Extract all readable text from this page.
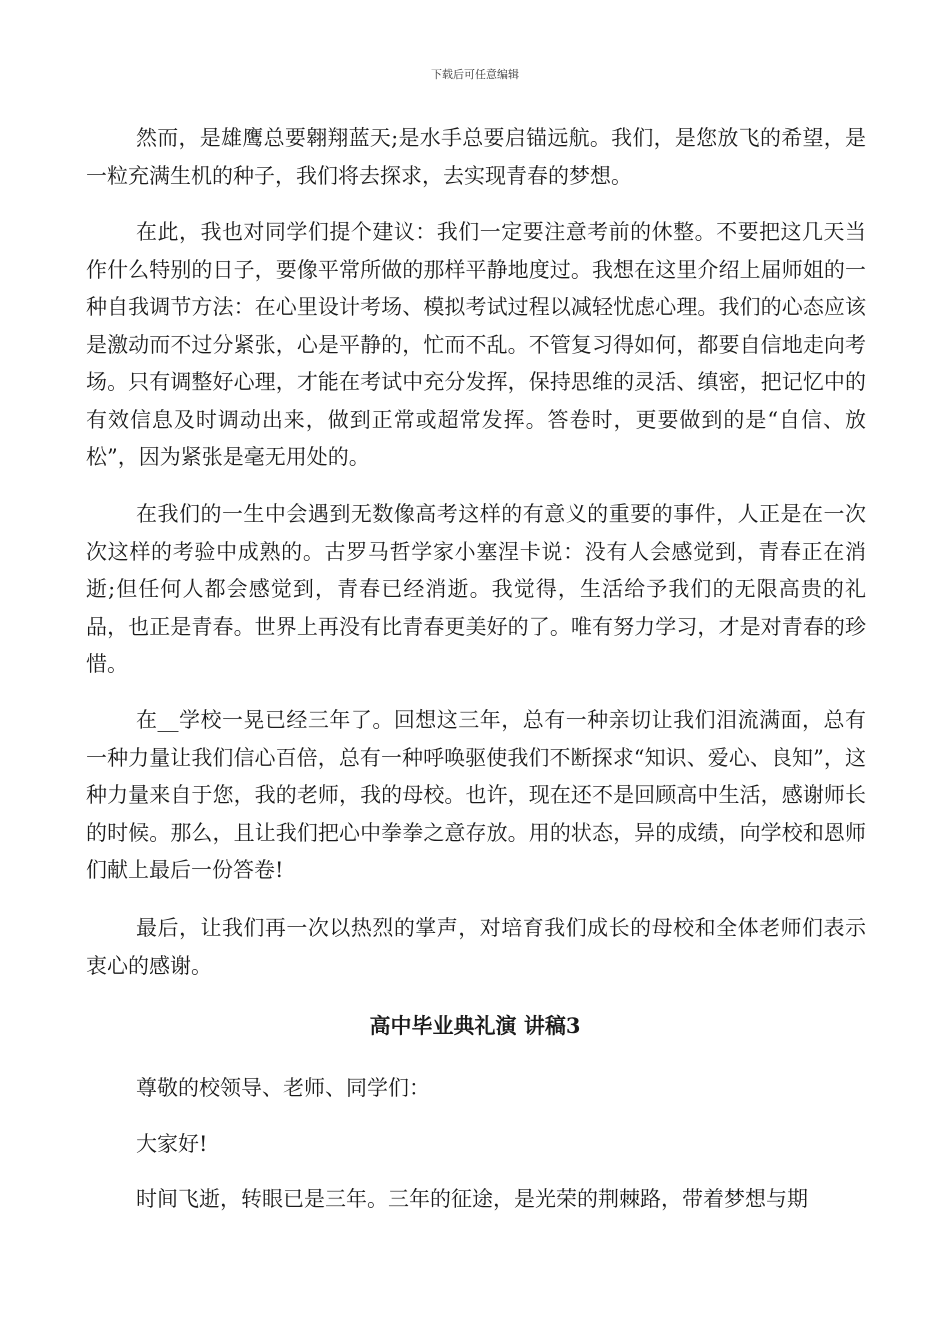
下载后可任意编辑

然而，是雄鹰总要翱翔蓝天;是水手总要启锚远航。我们，是您放飞的希望，是一粒充满生机的种子，我们将去探求，去实现青春的梦想。

在此，我也对同学们提个建议：我们一定要注意考前的休整。不要把这几天当作什么特别的日子，要像平常所做的那样平静地度过。我想在这里介绍上届师姐的一种自我调节方法：在心里设计考场、模拟考试过程以减轻忧虑心理。我们的心态应该是激动而不过分紧张，心是平静的，忙而不乱。不管复习得如何，都要自信地走向考场。只有调整好心理，才能在考试中充分发挥，保持思维的灵活、缜密，把记忆中的有效信息及时调动出来，做到正常或超常发挥。答卷时，更要做到的是“自信、放松”，因为紧张是毫无用处的。

在我们的一生中会遇到无数像高考这样的有意义的重要的事件，人正是在一次次这样的考验中成熟的。古罗马哲学家小塞涅卡说：没有人会感觉到，青春正在消逝;但任何人都会感觉到，青春已经消逝。我觉得，生活给予我们的无限高贵的礼品，也正是青春。世界上再没有比青春更美好的了。唯有努力学习，才是对青春的珍惜。

在__学校一晃已经三年了。回想这三年，总有一种亲切让我们泪流满面，总有一种力量让我们信心百倍，总有一种呼唤驱使我们不断探求“知识、爱心、良知”，这种力量来自于您，我的老师，我的母校。也许，现在还不是回顾高中生活，感谢师长的时候。那么，且让我们把心中拳拳之意存放。用的状态，异的成绩，向学校和恩师们献上最后一份答卷!

最后，让我们再一次以热烈的掌声，对培育我们成长的母校和全体老师们表示衷心的感谢。

高中毕业典礼演 讲稿3

尊敬的校领导、老师、同学们：

大家好!

时间飞逝，转眼已是三年。三年的征途，是光荣的荆棘路，带着梦想与期
